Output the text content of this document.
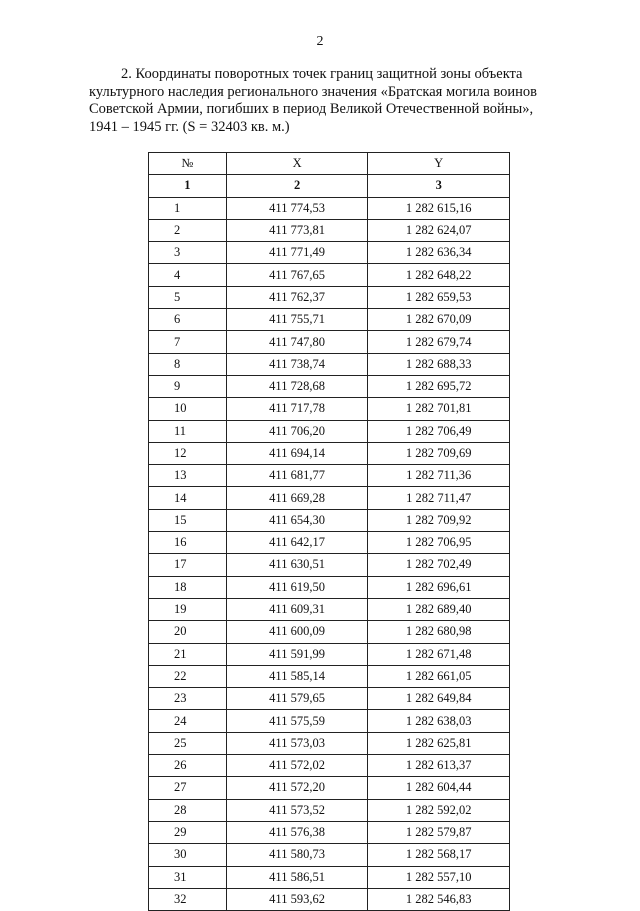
2
2. Координаты поворотных точек границ защитной зоны объекта
культурного наследия регионального значения «Братская могила воинов
Советской Армии, погибших в период Великой Отечественной войны»,
1941 – 1945 гг. (S = 32403 кв. м.)
№	X	Y
1	2	3
1	411 774,53	1 282 615,16
2	411 773,81	1 282 624,07
3	411 771,49	1 282 636,34
4	411 767,65	1 282 648,22
5	411 762,37	1 282 659,53
6	411 755,71	1 282 670,09
7	411 747,80	1 282 679,74
8	411 738,74	1 282 688,33
9	411 728,68	1 282 695,72
10	411 717,78	1 282 701,81
11	411 706,20	1 282 706,49
12	411 694,14	1 282 709,69
13	411 681,77	1 282 711,36
14	411 669,28	1 282 711,47
15	411 654,30	1 282 709,92
16	411 642,17	1 282 706,95
17	411 630,51	1 282 702,49
18	411 619,50	1 282 696,61
19	411 609,31	1 282 689,40
20	411 600,09	1 282 680,98
21	411 591,99	1 282 671,48
22	411 585,14	1 282 661,05
23	411 579,65	1 282 649,84
24	411 575,59	1 282 638,03
25	411 573,03	1 282 625,81
26	411 572,02	1 282 613,37
27	411 572,20	1 282 604,44
28	411 573,52	1 282 592,02
29	411 576,38	1 282 579,87
30	411 580,73	1 282 568,17
31	411 586,51	1 282 557,10
32	411 593,62	1 282 546,83
